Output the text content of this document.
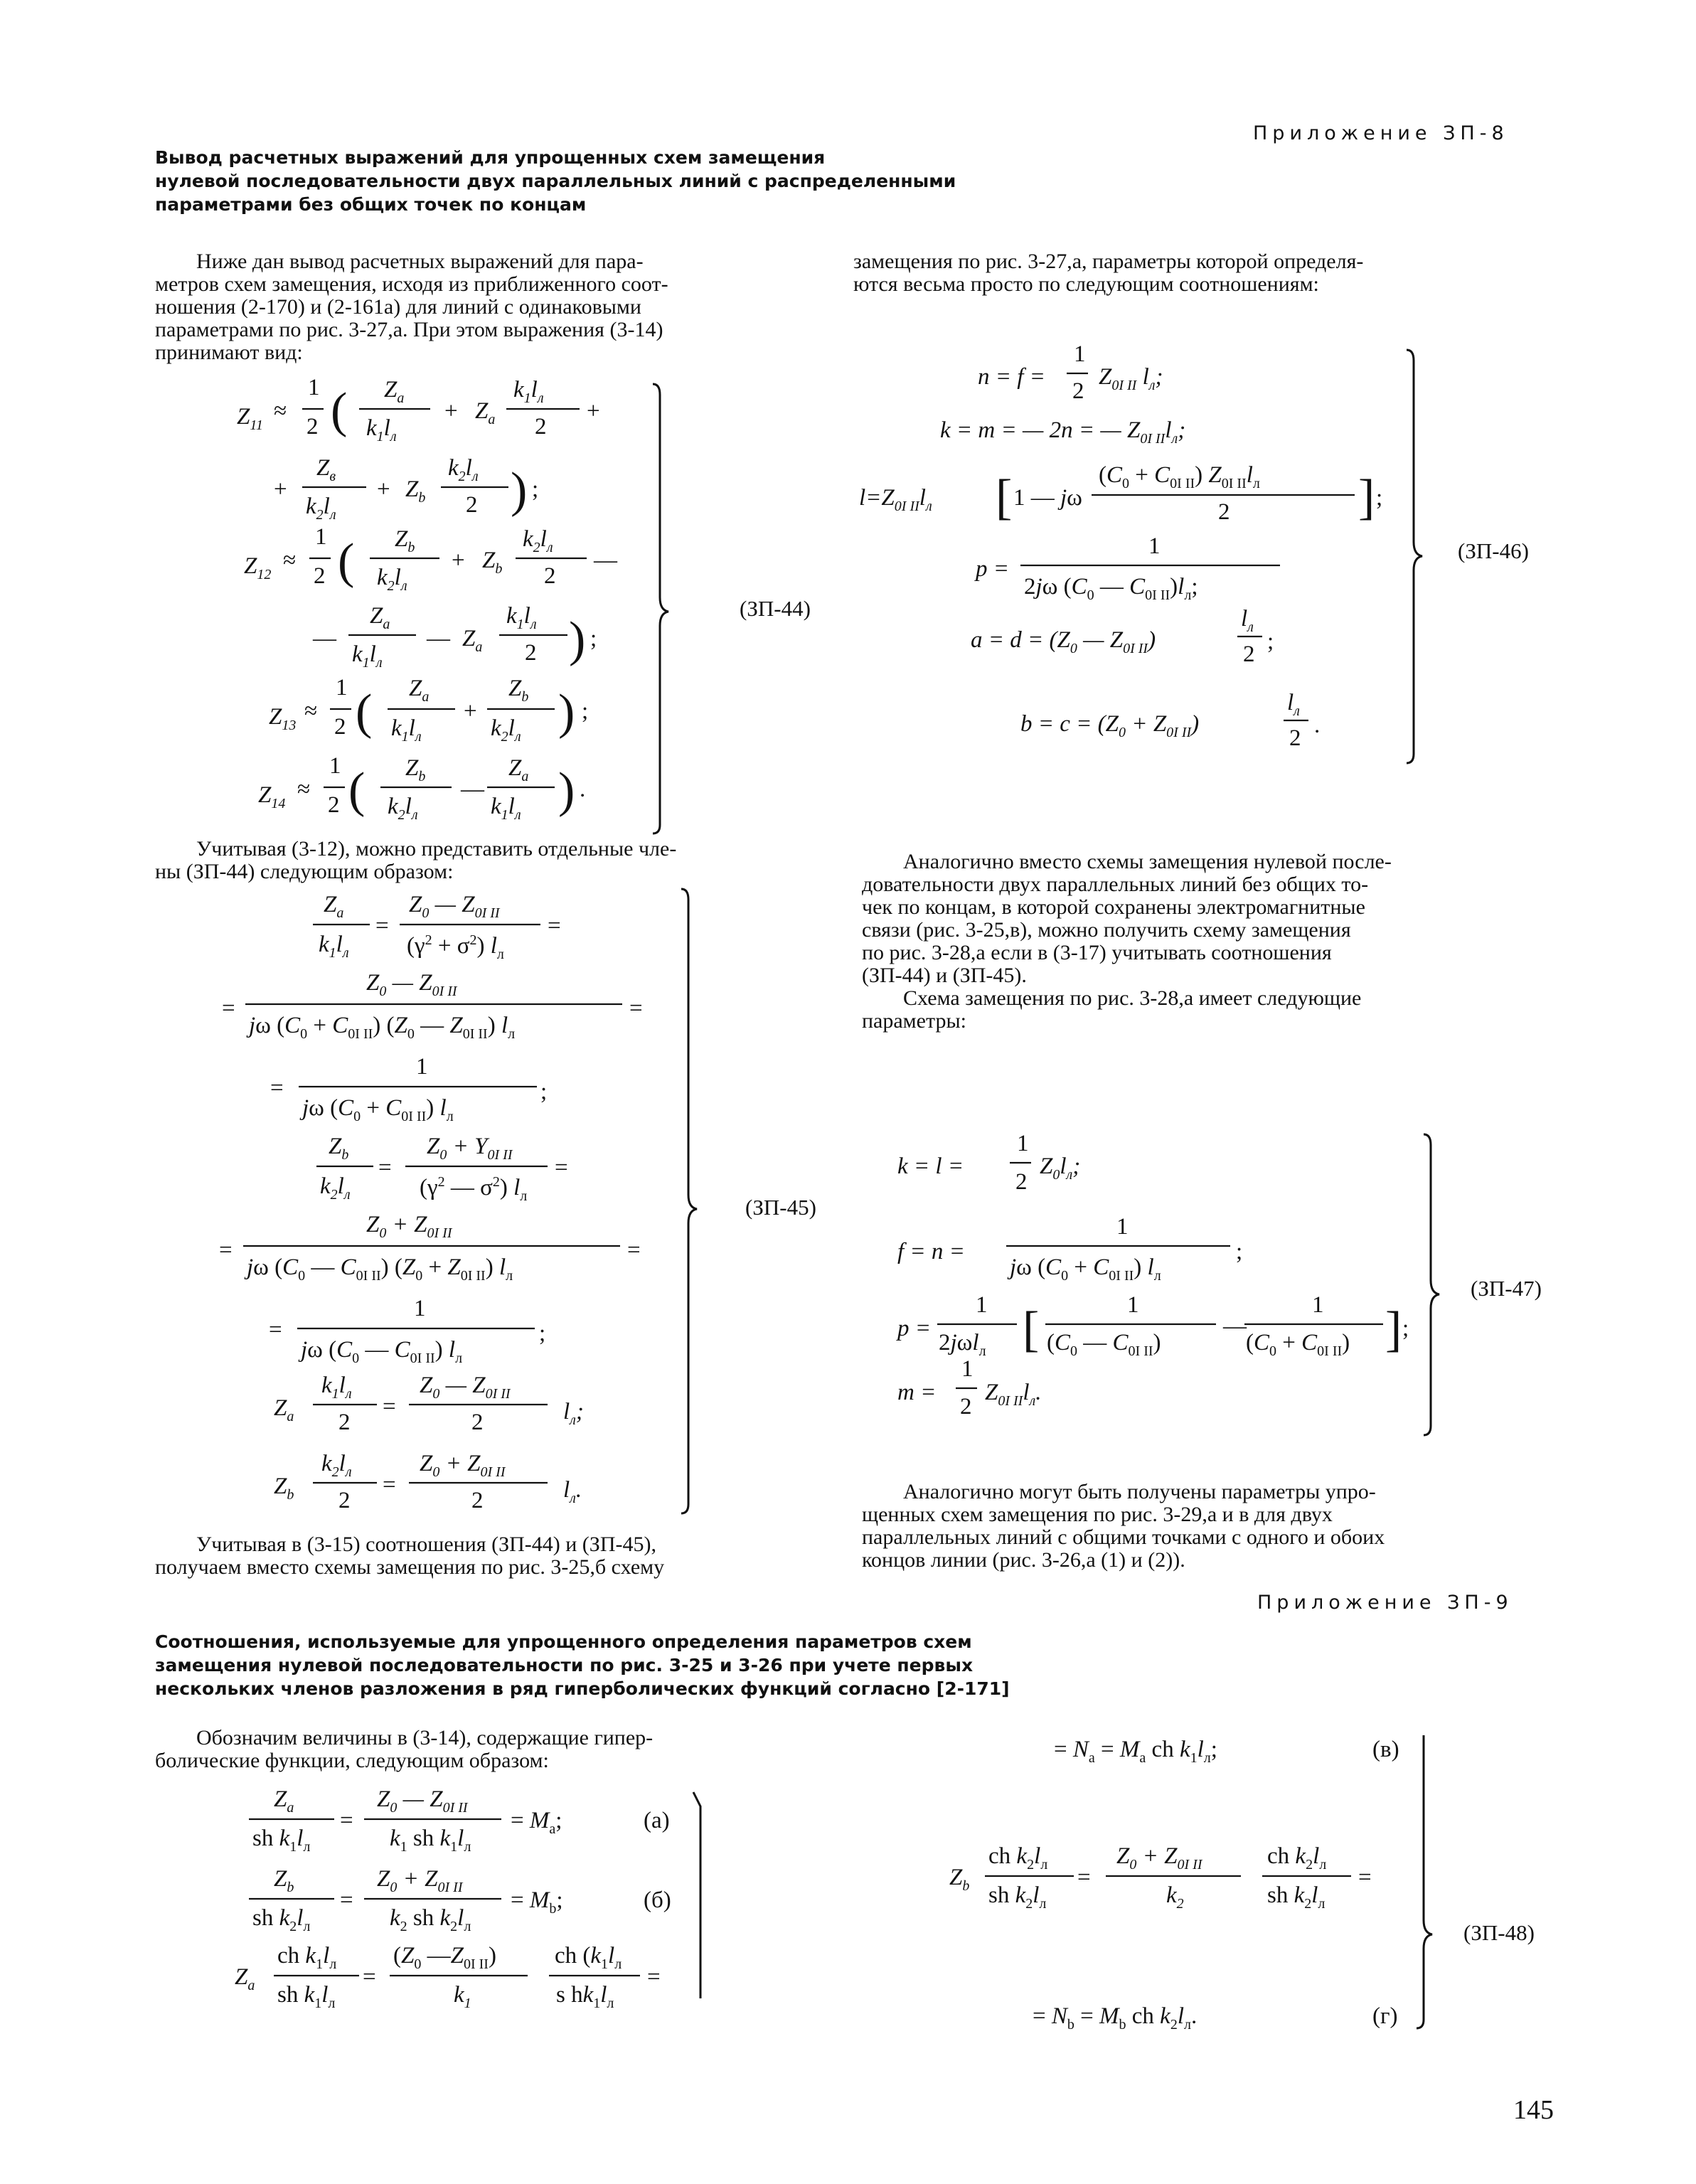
Приложение ЗП-8
Вывод расчетных выражений для упрощенных схем замещения
нулевой последовательности двух параллельных линий с распределенными
параметрами без общих точек по концам

Ниже дан вывод расчетных выражений для пара-

метров схем замещения, исходя из приближенного соот-

ношения (2-170) и (2-161а) для линий с одинаковыми

параметрами по рис. 3-27,а. При этом выражения (3-14)

принимают вид:

замещения по рис. 3-27,а, параметры которой определя-

ются весьма просто по следующим соотношениям:

$Z_{11}$
≈
1
2 ( $Z_a$
$k_1l_л$
+ $Z_a$
$k_1l_л$
2
+
+
$Z_в$
$k_2l_л$
+ $Z_b$
$k_2l_л$
2 ) ;
$Z_{12}$
≈
1
2 ( $Z_b$
$k_2l_л$
+ $Z_b$
$k_2l_л$
2
—
—
$Z_a$
$k_1l_л$
— $Z_a$
$k_1l_л$
2 ) ;
$Z_{13}$
≈
1
2 ( $Z_a$
$k_1l_л$
+
$Z_b$
$k_2l_л$ ) ;
$Z_{14}$
≈
1
2 ( $Z_b$
$k_2l_л$
—
$Z_a$
$k_1l_л$ ) .
(ЗП-44)

Учитывая (3-12), можно представить отдельные чле-

ны (ЗП-44) следующим образом:

$Z_a$
$k_1l_л$
=
$Z_0$ — $Z_{0I II}$
$(\gamma^2 + \sigma^2)$ $l_л$
=
=
$Z_0$ — $Z_{0I II}$
jω $(C_0 + C_{0I II})$ ($Z_0$ — $Z_{0I II}$) $l_л$
=
=
1
jω $(C_0 + C_{0I II})$ $l_л$
;
$Z_b$
$k_2l_л$
=
$Z_0 + Y_{0I II}$
($\gamma^2$ — $\sigma^2$) $l_л$
=
=
$Z_0 + Z_{0I II}$
jω ($C_0$ — $C_{0I II}$) $(Z_0 + Z_{0I II})$ $l_л$
=
=
1
jω ($C_0$ — $C_{0I II}$) $l_л$
;
$Z_a$
$k_1l_л$
2
=
$Z_0$ — $Z_{0I II}$
2	$l_л$;
$Z_b$
$k_2l_л$
2
=
$Z_0 + Z_{0I II}$
2	$l_л$.
(ЗП-45)

Учитывая в (3-15) соотношения (ЗП-44) и (ЗП-45),

получаем вместо схемы замещения по рис. 3-25,б схему

n = f =
1
2
$Z_{0I II}$ $l_л$;
k = m = — 2n = — $Z_{0I II}l_л$;
$l=Z_{0I II}l_л$ [ 1 — jω
$(C_0 + C_{0I II})$ $Z_{0I II}l_л$
2	] ;
p =
1
2jω ($C_0$ — $C_{0I II})l_л$;
$a = d = (Z_0$ — $Z_{0I II}$)
$l_л$
2 ;
$b = c = (Z_0 + Z_{0I II})$
$l_л$
2 .
(ЗП-46)

Аналогично вместо схемы замещения нулевой после-

довательности двух параллельных линий без общих то-

чек по концам, в которой сохранены электромагнитные

связи (рис. 3-25,в), можно получить схему замещения

по рис. 3-28,а если в (3-17) учитывать соотношения

(ЗП-44) и (ЗП-45).

Схема замещения по рис. 3-28,а имеет следующие

параметры:

k = l =
1
2
$Z_0l_л$;
f = n =
1
jω $(C_0 + C_{0I II})$ $l_л$
;
p =
1
2jωl$_л$ [	1
($C_0$ — $C_{0I II}$)
—
1
$(C_0 + C_{0I II})$ ] ;
m =
1
2
$Z_{0I II}l_л$.
(ЗП-47)

Аналогично могут быть получены параметры упро-

щенных схем замещения по рис. 3-29,а и в для двух

параллельных линий с общими точками с одного и обоих

концов линии (рис. 3-26,а (1) и (2)).

Приложение ЗП-9
Соотношения, используемые для упрощенного определения параметров схем
замещения нулевой последовательности по рис. 3-25 и 3-26 при учете первых
нескольких членов разложения в ряд гиперболических функций согласно [2-171]

Обозначим величины в (3-14), содержащие гипер-

болические функции, следующим образом:

$Z_a$
sh $k_1l_л$
=
$Z_0$ — $Z_{0I II}$
$k_1$ sh $k_1l_л$
= $M_a$;	(а)
$Z_b$
sh $k_2l_л$
=
$Z_0 + Z_{0I II}$
$k_2$ sh $k_2l_л$
= $M_b$;	(б)
$Z_a$
ch $k_1l_л$
sh $k_1l_л$
=
($Z_0$ $—Z_{0I II}$)
$k_1$
ch ($k_1l_л$
s $hk_1l_л$
=
= $N_a = M_a$ ch $k_1l_л$;	(в)
$Z_b$
ch $k_2l_л$
sh $k_2l_л$
=
$Z_0 + Z_{0I II}$
$k_2$
ch $k_2l_л$
sh $k_2l_л$
=
= $N_b = M_b$ ch $k_2l_л$.	(г)
(ЗП-48)
145
